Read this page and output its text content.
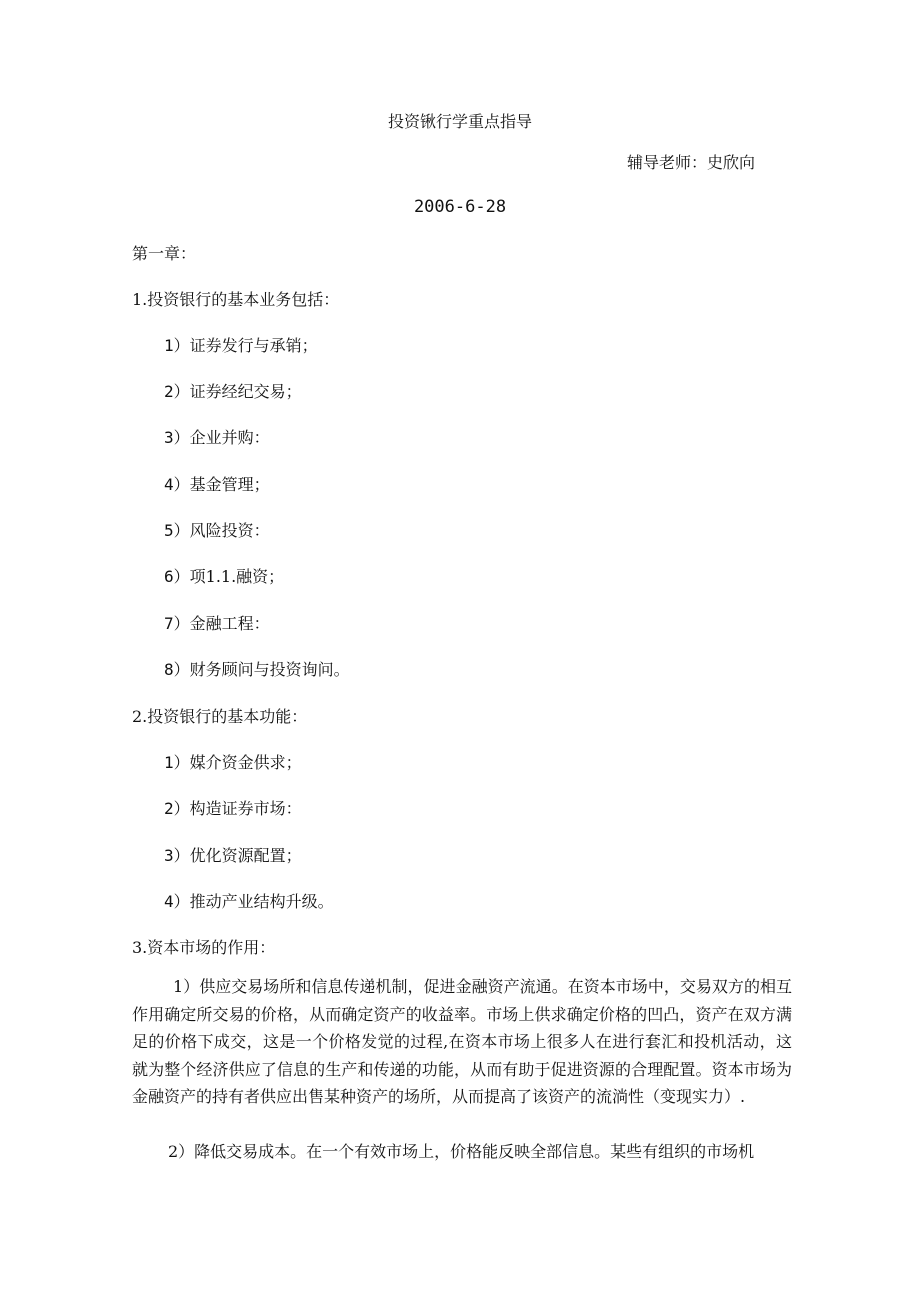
投资锹行学重点指导
辅导老师：史欣向
2006-6-28
第一章：
1.投资银行的基本业务包括：
1）证券发行与承销；
2）证券经纪交易；
3）企业并购：
4）基金管理；
5）风险投资：
6）项1.1.融资；
7）金融工程：
8）财务顾问与投资询问。
2.投资银行的基本功能：
1）媒介资金供求；
2）构造证券市场：
3）优化资源配置；
4）推动产业结构升级。
3.资本市场的作用：
1）供应交易场所和信息传递机制，促进金融资产流通。在资本市场中，交易双方的相互作用确定所交易的价格，从而确定资产的收益率。市场上供求确定价格的凹凸，资产在双方满足的价格下成交，这是一个价格发觉的过程,在资本市场上很多人在进行套汇和投机活动，这就为整个经济供应了信息的生产和传递的功能，从而有助于促进资源的合理配置。资本市场为金融资产的持有者供应出售某种资产的场所，从而提高了该资产的流淌性（变现实力）.
2）降低交易成本。在一个有效市场上，价格能反映全部信息。某些有组织的市场机
